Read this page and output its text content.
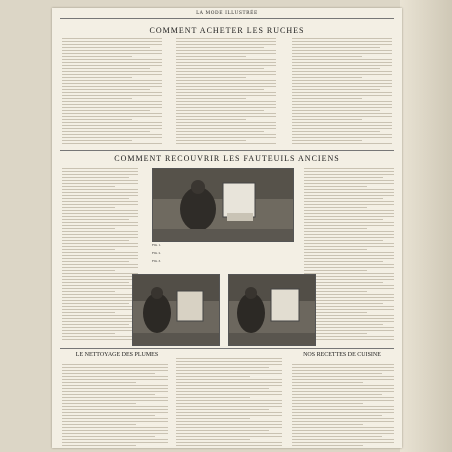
LA MODE ILLUSTRÉE
COMMENT ACHETER LES RUCHES
COMMENT RECOUVRIR LES FAUTEUILS ANCIENS
FIG. 1.
FIG. 2.
FIG. 3.
LE NETTOYAGE DES PLUMES	NOS RECETTES DE CUISINE
